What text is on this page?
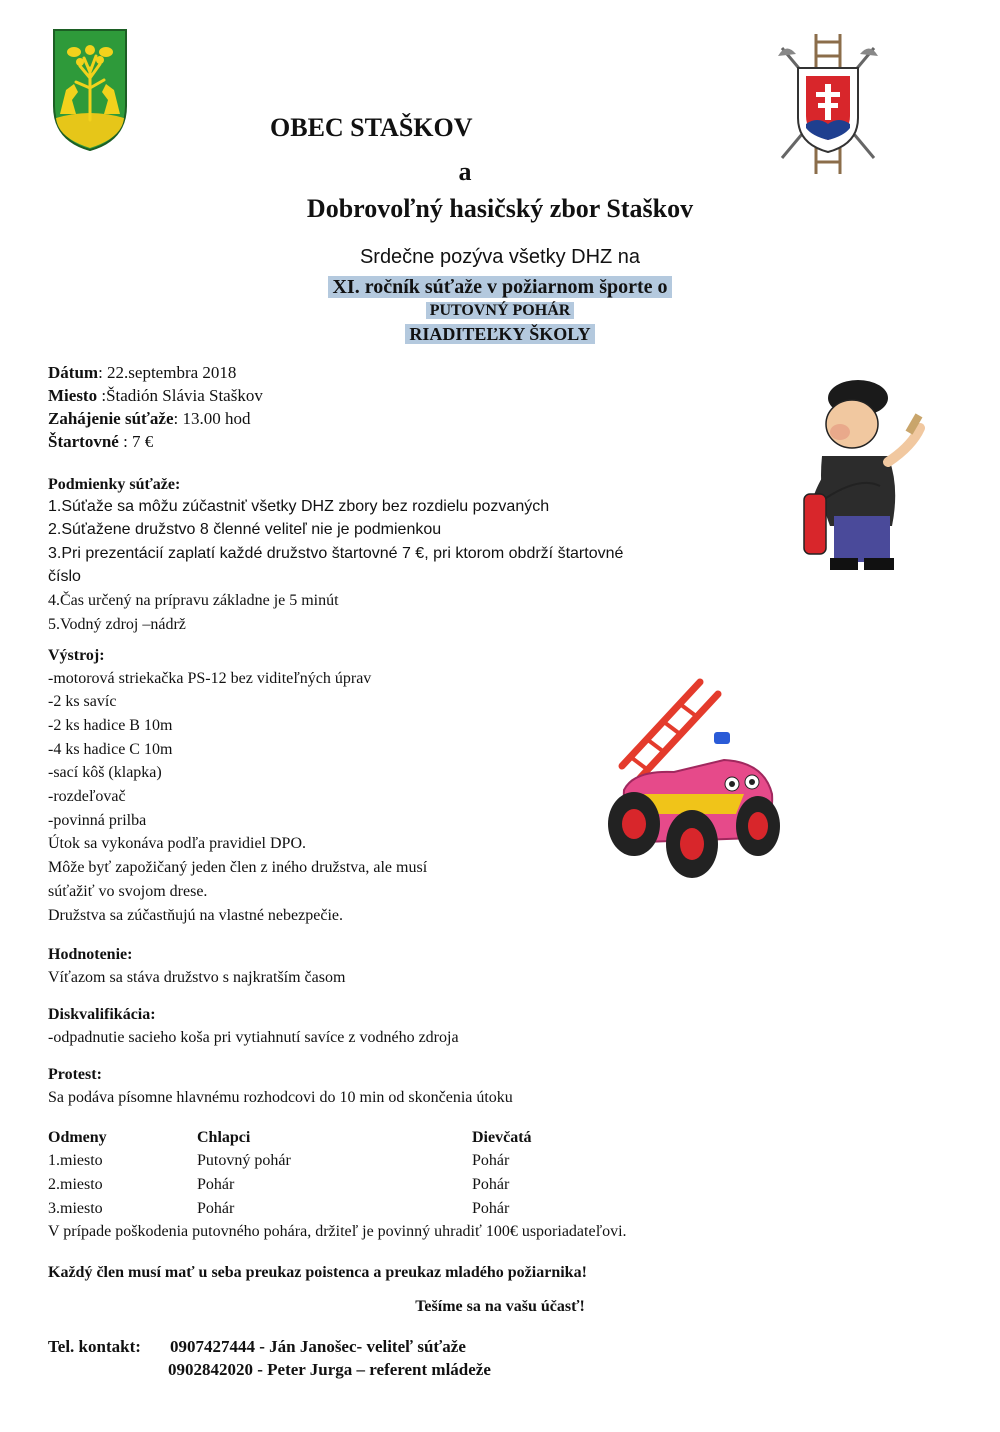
OBEC STAŠKOV
a
Dobrovoľný hasičský zbor Staškov
Srdečne pozýva všetky DHZ na
XI. ročník súťaže v požiarnom športe o
PUTOVNÝ POHÁR
RIADITEĽKY ŠKOLY
Dátum: 22.septembra 2018
Miesto :Štadión Slávia Staškov
Zahájenie súťaže: 13.00 hod
Štartovné : 7 €
Podmienky súťaže:
1.Súťaže sa môžu zúčastniť všetky DHZ zbory bez rozdielu pozvaných
2.Súťažene družstvo 8 členné veliteľ nie je podmienkou
3.Pri prezentácií zaplatí každé družstvo štartovné 7 €, pri ktorom obdrží štartovné
číslo
4.Čas určený na prípravu základne je 5 minút
5.Vodný zdroj –nádrž
Výstroj:
-motorová striekačka PS-12 bez viditeľných úprav
-2 ks savíc
-2 ks hadice B 10m
-4 ks hadice C 10m
-sací kôš (klapka)
-rozdeľovač
-povinná prilba
Útok sa vykonáva podľa pravidiel DPO.
Môže byť zapožičaný jeden člen z iného družstva, ale musí
súťažiť vo svojom drese.
Družstva sa zúčastňujú na vlastné nebezpečie.
Hodnotenie:
Víťazom sa stáva družstvo s najkratším časom
Diskvalifikácia:
-odpadnutie sacieho koša pri vytiahnutí savíce z vodného zdroja
Protest:
Sa podáva písomne hlavnému rozhodcovi do 10 min od skončenia útoku
Odmeny	Chlapci	Dievčatá
1.miesto	Putovný pohár	Pohár
2.miesto	Pohár	Pohár
3.miesto	Pohár	Pohár
V prípade poškodenia putovného pohára, držiteľ je povinný uhradiť 100€ usporiadateľovi.
Každý člen musí mať u seba preukaz poistenca a preukaz mladého požiarnika!
Tešíme sa na vašu účasť!
Tel. kontakt: 0907427444 - Ján Janošec- veliteľ súťaže
0902842020 - Peter Jurga – referent mládeže
